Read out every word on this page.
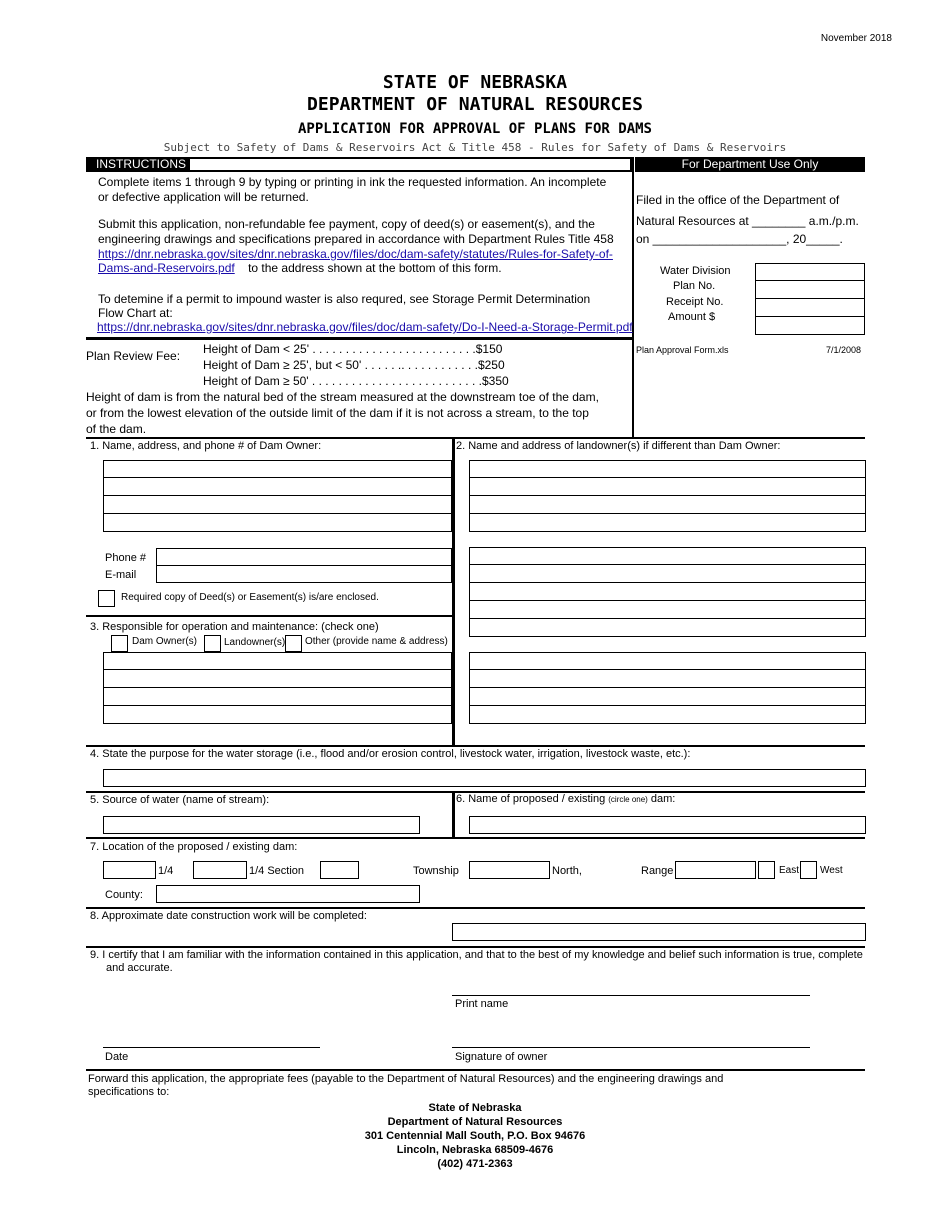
November 2018
STATE OF NEBRASKA
DEPARTMENT OF NATURAL RESOURCES
APPLICATION FOR APPROVAL OF PLANS FOR DAMS
Subject to Safety of Dams & Reservoirs Act & Title 458 - Rules for Safety of Dams & Reservoirs
INSTRUCTIONS	For Department Use Only
Complete items 1 through 9 by typing or printing in ink the requested information. An incomplete
or defective application will be returned.
Submit this application, non-refundable fee payment, copy of deed(s) or easement(s), and the
engineering drawings and specifications prepared in accordance with Department Rules Title 458
https://dnr.nebraska.gov/sites/dnr.nebraska.gov/files/doc/dam-safety/statutes/Rules-for-Safety-of-
Dams-and-Reservoirs.pdf to the address shown at the bottom of this form.
To detemine if a permit to impound waster is also requred, see Storage Permit Determination
Flow Chart at:
https://dnr.nebraska.gov/sites/dnr.nebraska.gov/files/doc/dam-safety/Do-I-Need-a-Storage-Permit.pdf
Filed in the office of the Department of
Natural Resources at ________ a.m./p.m.
on ____________________, 20_____.
Water Division
Plan No.
Receipt No.
Amount $
Plan Approval Form.xls	7/1/2008
Plan Review Fee: Height of Dam < 25' . . . . . . . . . . . . . . . . . . . . . . . . .$150
Height of Dam ≥ 25', but < 50' . . . . . .. . . . . . . . . . . .$250
Height of Dam ≥ 50' . . . . . . . . . . . . . . . . . . . . . . . . . .$350
Height of dam is from the natural bed of the stream measured at the downstream toe of the dam,
or from the lowest elevation of the outside limit of the dam if it is not across a stream, to the top
of the dam.
1. Name, address, and phone # of Dam Owner:
Phone #
E-mail
Required copy of Deed(s) or Easement(s) is/are enclosed.
2. Name and address of landowner(s) if different than Dam Owner:
3. Responsible for operation and maintenance: (check one)
Dam Owner(s)	Landowner(s) Other (provide name & address)
4. State the purpose for the water storage (i.e., flood and/or erosion control, livestock water, irrigation, livestock waste, etc.):
5. Source of water (name of stream):	6. Name of proposed / existing (circle one) dam:
7. Location of the proposed / existing dam:
1/4	1/4 Section	Township	North,	Range	East West
County:
8. Approximate date construction work will be completed:
9. I certify that I am familiar with the information contained in this application, and that to the best of my knowledge and belief such information is true, complete
and accurate.
Print name
Date	Signature of owner
Forward this application, the appropriate fees (payable to the Department of Natural Resources) and the engineering drawings and
specifications to:
State of Nebraska
Department of Natural Resources
301 Centennial Mall South, P.O. Box 94676
Lincoln, Nebraska 68509-4676
(402) 471-2363
